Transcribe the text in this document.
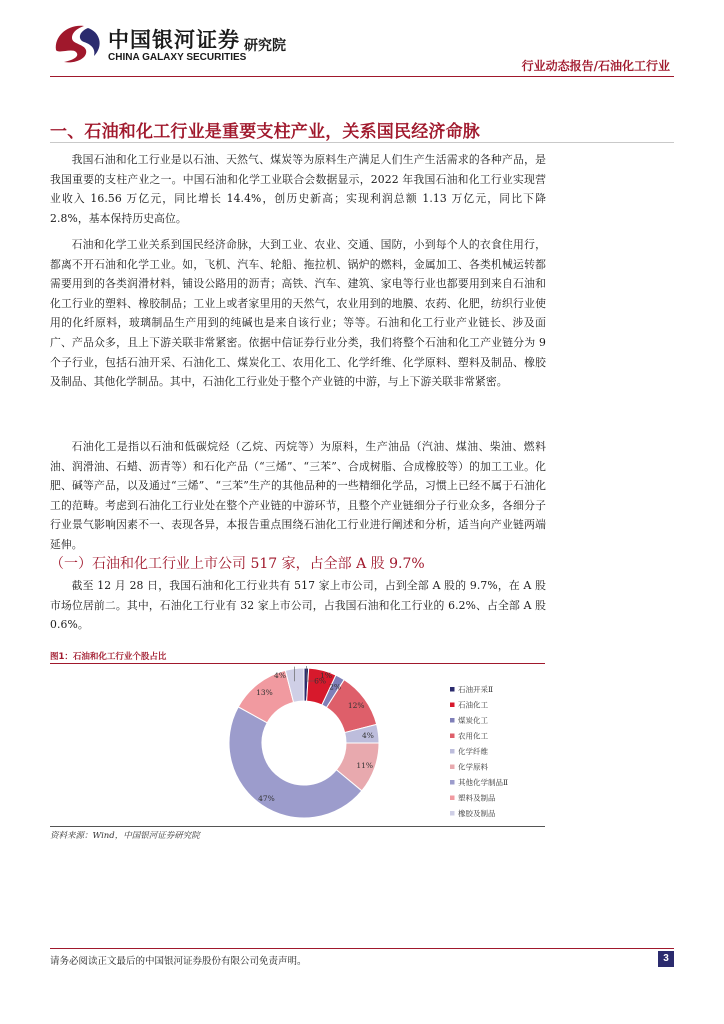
中国银河证券
CHINA GALAXY SECURITIES
研究院
行业动态报告/石油化工行业
一、石油和化工行业是重要支柱产业，关系国民经济命脉
我国石油和化工行业是以石油、天然气、煤炭等为原料生产满足人们生产生活需求的各种产品，是我国重要的支柱产业之一。中国石油和化学工业联合会数据显示，2022 年我国石油和化工行业实现营业收入 16.56 万亿元，同比增长 14.4%，创历史新高；实现利润总额 1.13 万亿元，同比下降 2.8%，基本保持历史高位。
石油和化学工业关系到国民经济命脉，大到工业、农业、交通、国防，小到每个人的衣食住用行，都离不开石油和化学工业。如，飞机、汽车、轮船、拖拉机、锅炉的燃料，金属加工、各类机械运转都需要用到的各类润滑材料，铺设公路用的沥青；高铁、汽车、建筑、家电等行业也都要用到来自石油和化工行业的塑料、橡胶制品；工业上或者家里用的天然气，农业用到的地膜、农药、化肥，纺织行业使用的化纤原料，玻璃制品生产用到的纯碱也是来自该行业；等等。石油和化工行业产业链长、涉及面广、产品众多，且上下游关联非常紧密。依据中信证券行业分类，我们将整个石油和化工产业链分为 9 个子行业，包括石油开采、石油化工、煤炭化工、农用化工、化学纤维、化学原料、塑料及制品、橡胶及制品、其他化学制品。其中，石油化工行业处于整个产业链的中游，与上下游关联非常紧密。
石油化工是指以石油和低碳烷烃（乙烷、丙烷等）为原料，生产油品（汽油、煤油、柴油、燃料油、润滑油、石蜡、沥青等）和石化产品（“三烯”、“三苯”、合成树脂、合成橡胶等）的加工工业。化肥、碱等产品，以及通过“三烯”、“三苯”生产的其他品种的一些精细化学品，习惯上已经不属于石油化工的范畴。考虑到石油化工行业处在整个产业链的中游环节，且整个产业链细分子行业众多，各细分子行业景气影响因素不一、表现各异，本报告重点围绕石油化工行业进行阐述和分析，适当向产业链两端延伸。
（一）石油和化工行业上市公司 517 家，占全部 A 股 9.7%
截至 12 月 28 日，我国石油和化工行业共有 517 家上市公司，占到全部 A 股的 9.7%，在 A 股市场位居前二。其中，石油化工行业有 32 家上市公司，占我国石油和化工行业的 6.2%、占全部 A 股 0.6%。
图1：石油和化工行业个股占比
1%
6%
2%
12%
4%
11%
47%
13%
4%
石油开采Ⅱ
石油化工
煤炭化工
农用化工
化学纤维
化学原料
其他化学制品Ⅱ
塑料及制品
橡胶及制品
资料来源：Wind，中国银河证券研究院
请务必阅读正文最后的中国银河证券股份有限公司免责声明。	3
